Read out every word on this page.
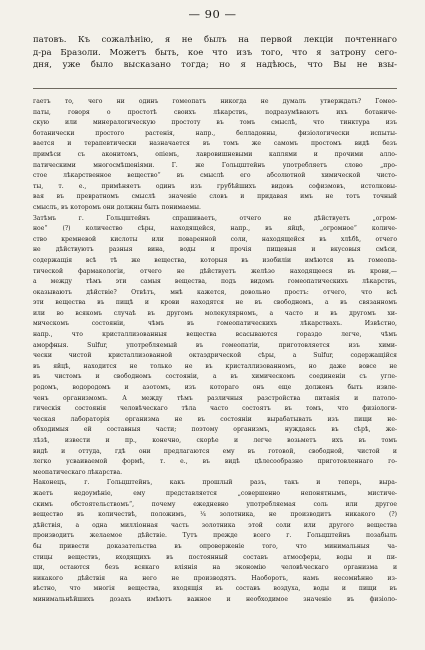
— 90 —
патовъ. Къ сожалѣнію, я не былъ на первой лекціи почтеннаго
д-ра Бразоли. Можетъ быть, кое что изъ того, что я затрону сего-
дня, уже было высказано тогда; но я надѣюсь, что Вы не взы-
гаетъ то, чего ни одинъ гомеопатъ никогда не думалъ утверждать? Гомео-
паты, говоря о простотѣ своихъ лѣкарствъ, подразумѣваютъ ихъ ботаниче-
скую или минералогическую простоту въ томъ смыслѣ, что тинктура изъ
ботанически простого растенія, напр., белладонны, физіологически испыты-
вается и терапевтически назначается въ томъ же самомъ простомъ видѣ безъ
примѣси съ аконитомъ, опіемъ, лавровишневыми каплями и прочими алло-
патическими многосмѣшеніями. Г. же Гольцштейнъ употребляетъ слово „про-
стое лѣкарственное вещество“ въ смыслѣ его абсолютной химической чисто-
ты, т. е., примѣняетъ одинъ изъ грубѣйшихъ видовъ софизмовъ, истолковы-
вая въ превратномъ смыслѣ значеніе словъ и придавая имъ не тотъ точный
смыслъ, въ которомъ они должны быть понимаемы.
Затѣмъ г. Гольцштейнъ спрашиваетъ, отчего не дѣйствуетъ „огром-
ное“ (?) количество сѣры, находящейся, напр., въ яйцѣ, „огромное“ количе-
ство кремневой кислоты или поваренной соли, находящейся въ хлѣбѣ, отчего
не дѣйствуютъ разныя вина, воды и прочія пищевыя и вкусовыя смѣси,
содержащія всѣ тѣ же вещества, которыя въ изобиліи имѣются въ гомеопа-
тической фармакологіи, отчего не дѣйствуетъ желѣзо находящееся въ крови,—
а между тѣмъ эти самыя вещества, подъ видомъ гомеопатическихъ лѣкарствъ,
оказываютъ дѣйствіе? Отвѣтъ, мнѣ кажется, довольно простъ: отчего, что всѣ
эти вещества въ пищѣ и крови находятся не въ свободномъ, а въ связанномъ
или во всякомъ случаѣ въ другомъ молекулярномъ, а часто и въ другомъ хи-
мическомъ состояніи, чѣмъ въ гомеопатическихъ лѣкарствахъ. Извѣстно,
напр., что кристаллизованныя вещества всасываются гораздо легче, чѣмъ
аморфныя. Sulfur, употребляемый въ гомеопатіи, приготовляется изъ хими-
чески чистой кристаллизованной октаэдрической сѣры, а Sulfur, содержащійся
въ яйцѣ, находится не только не въ кристаллизованномъ, но даже вовсе не
въ чистомъ и свободномъ состояніи, а въ химическомъ соединеніи съ угле-
родомъ, водородомъ и азотомъ, изъ котораго онъ еще долженъ быть извле-
ченъ организмомъ. А между тѣмъ различныя разстройства питанія и патоло-
гическія состоянія человѣческаго тѣла часто состоятъ въ томъ, что физіологи-
ческая лабораторія организма не въ состояніи вырабатывать изъ пищи не-
обходимыя ей составныя части; поэтому организмъ, нуждаясь въ сѣрѣ, же-
лѣзѣ, извести и пр., конечно, скорѣе и легче возьметъ ихъ въ томъ
видѣ и оттуда, гдѣ они предлагаются ему въ готовой, свободной, чистой и
легко усваиваемой формѣ, т. е., въ видѣ цѣлесообразно приготовленнаго го-
меопатическаго лѣкарства.
Наконецъ, г. Гольцштейнъ, какъ прошлый разъ, такъ и теперь, выра-
жаетъ недоумѣніе, ему представляется „совершенно непонятнымъ, мистиче-
скимъ обстоятельствомъ“, почему ежедневно употребляемая соль или другое
вещество въ количествѣ, положимъ, ¼ золотника, не производитъ никакого (?)
дѣйствія, а одна милліонная часть золотника этой соли или другого вещества
производитъ желаемое дѣйствіе. Тутъ прежде всего г. Гольцштейнъ позабылъ
бы привести доказательства въ опроверженіе того, что минимальныя ча-
стицы веществъ, входящихъ въ постоянный составъ атмосферы, воды и пи-
щи, остаются безъ всякаго вліянія на экономію человѣческаго организма и
никакого дѣйствія на него не производятъ. Наоборотъ, намъ несомнѣнно из-
вѣстно, что многія вещества, входящія въ составъ воздуха, воды и пищи въ
минимальнѣйшихъ дозахъ имѣютъ важное и необходимое значеніе въ физіоло-
